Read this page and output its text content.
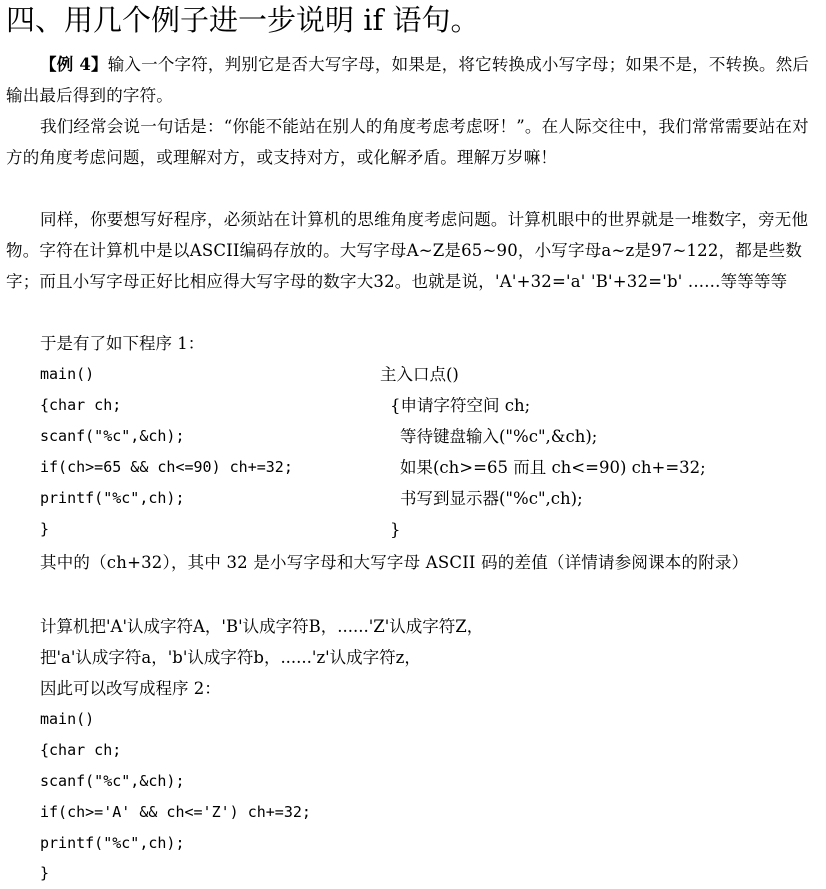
四、用几个例子进一步说明 if 语句。

【例 4】输入一个字符，判别它是否大写字母，如果是，将它转换成小写字母；如果不是，不转换。然后输出最后得到的字符。

我们经常会说一句话是：“你能不能站在别人的角度考虑考虑呀！”。在人际交往中，我们常常需要站在对方的角度考虑问题，或理解对方，或支持对方，或化解矛盾。理解万岁嘛！

同样，你要想写好程序，必须站在计算机的思维角度考虑问题。计算机眼中的世界就是一堆数字，旁无他物。字符在计算机中是以ASCII编码存放的。大写字母A~Z是65~90，小写字母a~z是97~122，都是些数字；而且小写字母正好比相应得大写字母的数字大32。也就是说，'A'+32='a' 'B'+32='b' ......等等等等

于是有了如下程序 1：
main()
{char ch;
scanf("%c",&ch);
if(ch>=65 && ch<=90) ch+=32;
printf("%c",ch);
}
主入口点()
{申请字符空间 ch;
等待键盘输入("%c",&ch);
如果(ch>=65 而且 ch<=90) ch+=32;
书写到显示器("%c",ch);
}

其中的（ch+32），其中 32 是小写字母和大写字母 ASCII 码的差值（详情请参阅课本的附录）

计算机把'A'认成字符A，'B'认成字符B，......'Z'认成字符Z，
把'a'认成字符a，'b'认成字符b，......'z'认成字符z，
因此可以改写成程序 2：
main()
{char ch;
scanf("%c",&ch);
if(ch>='A' && ch<='Z') ch+=32;
printf("%c",ch);
}
